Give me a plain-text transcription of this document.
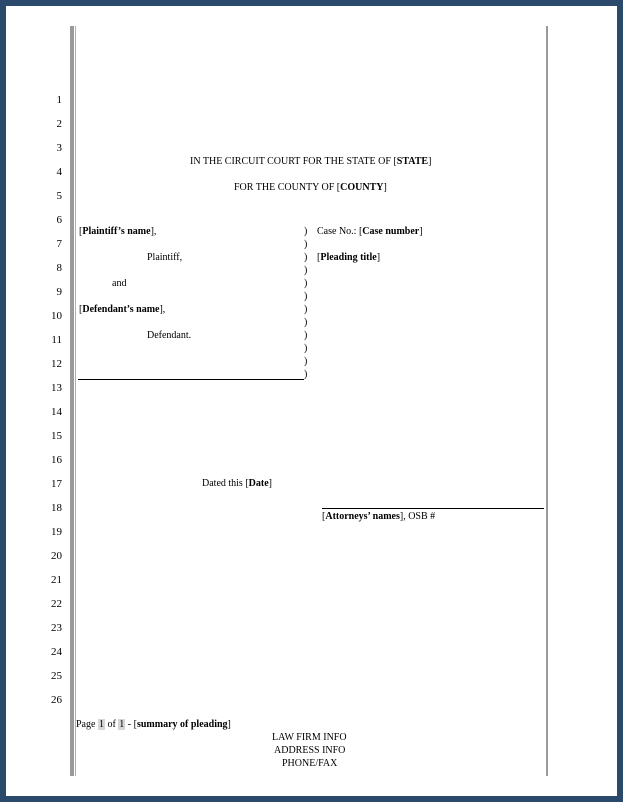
1
2
3
4
5
6
7
8
9
10
11
12
13
14
15
16
17
18
19
20
21
22
23
24
25
26
IN THE CIRCUIT COURT FOR THE STATE OF [STATE]
FOR THE COUNTY OF [COUNTY]
[Plaintiff’s name],
Plaintiff,
and
[Defendant’s name],
Defendant.
)
)
)
)
)
)
)
)
)
)
)
)
Case No.: [Case number]
[Pleading title]
Dated this [Date]
[Attorneys’ names], OSB #
Page 1 of 1 - [summary of pleading]
LAW FIRM INFO
ADDRESS INFO
PHONE/FAX
